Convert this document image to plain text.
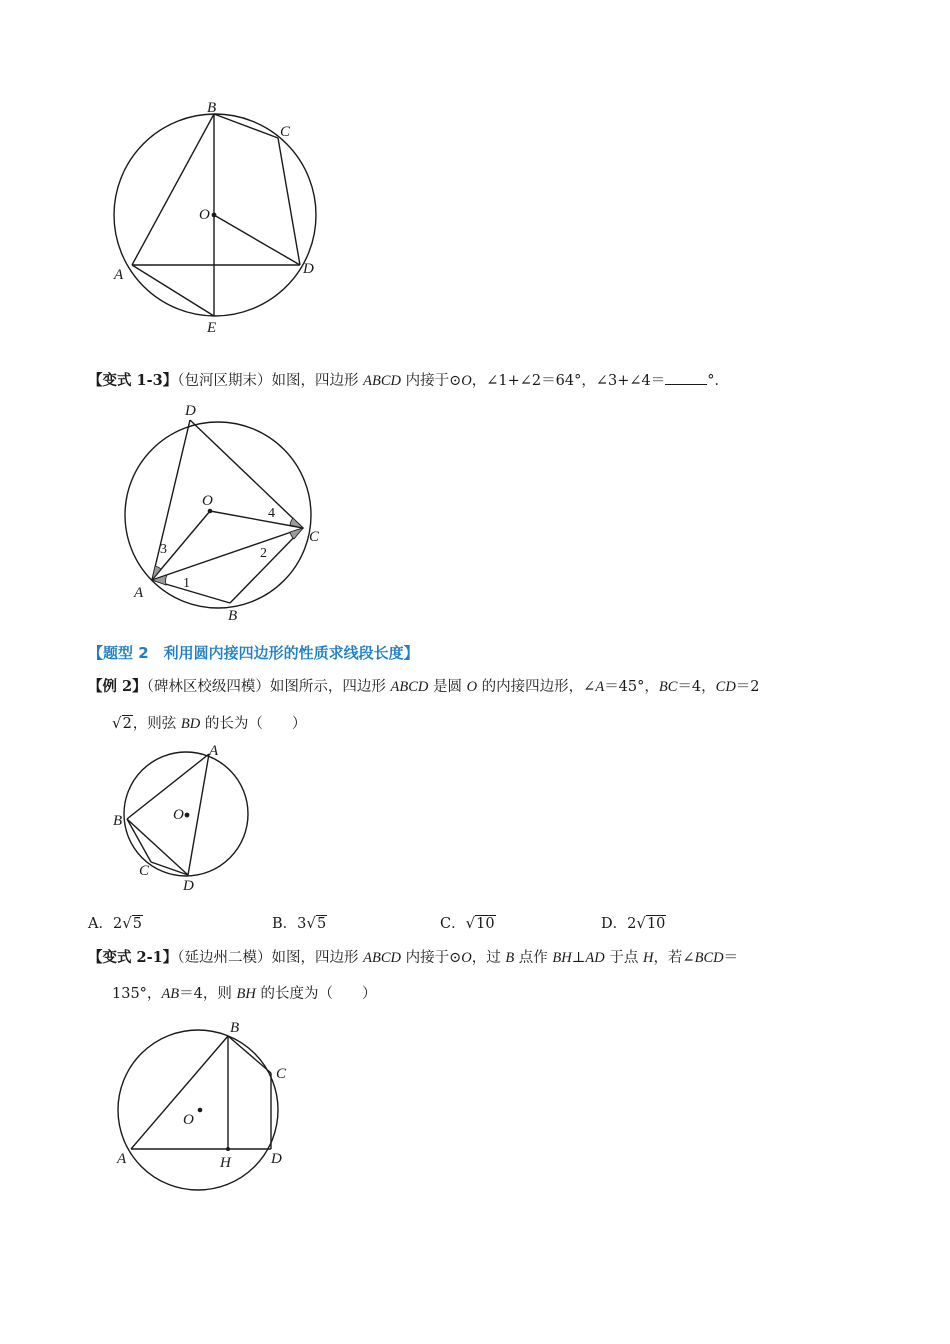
B
C
O
A	D
E
【变式 1-3】（包河区期末）如图，四边形 ABCD 内接于⊙O，∠1+∠2＝64°，∠3+∠4＝	°．
D
O
C
A
B
1
2
3
4
【题型 2　利用圆内接四边形的性质求线段长度】
【例 2】（碑林区校级四模）如图所示，四边形 ABCD 是圆 O 的内接四边形，∠A＝45°，BC＝4，CD＝2
√2，则弦 BD 的长为（　　）
A
B	O
C
D
A．2√5	B．3√5	C．√10	D．2√10
【变式 2-1】（延边州二模）如图，四边形 ABCD 内接于⊙O，过 B 点作 BH⊥AD 于点 H，若∠BCD＝
135°，AB＝4，则 BH 的长度为（　　）
B
C
O
A	H	D
